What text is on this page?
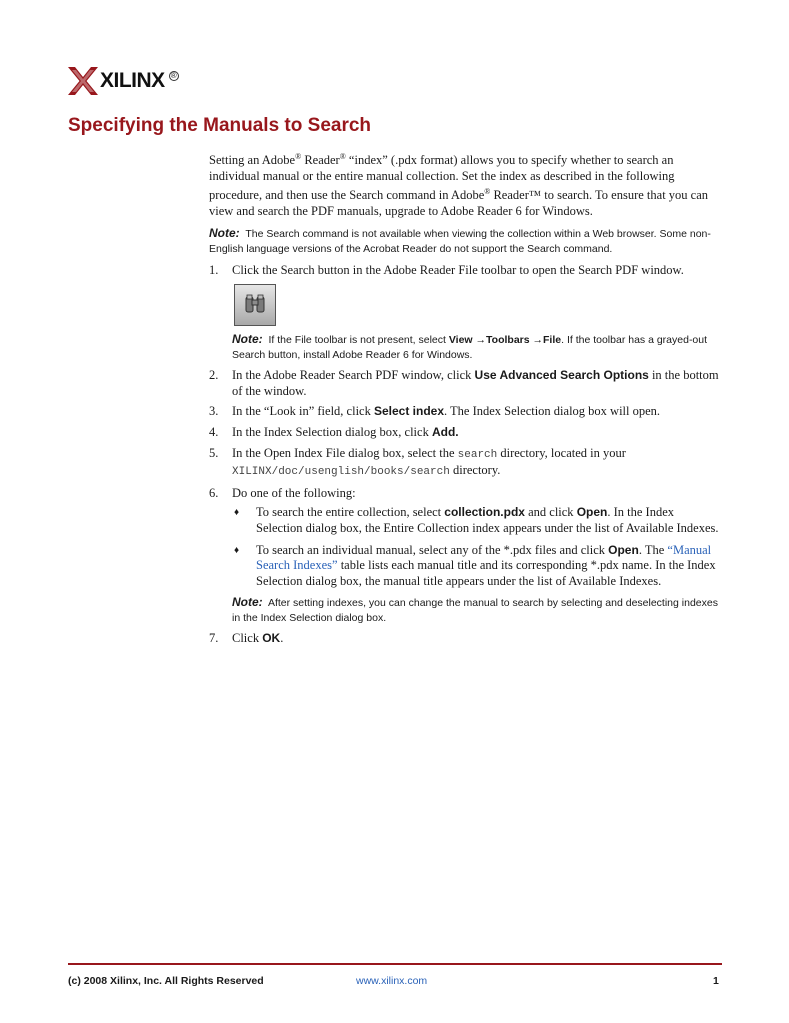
XILINX ®
Specifying the Manuals to Search

Setting an Adobe® Reader® “index” (.pdx format) allows you to specify whether to search an individual manual or the entire manual collection. Set the index as described in the following procedure, and then use the Search command in Adobe® Reader™ to search. To ensure that you can view and search the PDF manuals, upgrade to Adobe Reader 6 for Windows.

Note: The Search command is not available when viewing the collection within a Web browser. Some non-English language versions of the Acrobat Reader do not support the Search command.
1. Click the Search button in the Adobe Reader File toolbar to open the Search PDF window.
Note: If the File toolbar is not present, select View →Toolbars →File. If the toolbar has a grayed-out Search button, install Adobe Reader 6 for Windows.
2. In the Adobe Reader Search PDF window, click Use Advanced Search Options in the bottom of the window.
3. In the “Look in” field, click Select index. The Index Selection dialog box will open.
4. In the Index Selection dialog box, click Add.
5. In the Open Index File dialog box, select the search directory, located in your XILINX/doc/usenglish/books/search directory.
6. Do one of the following:
♦ To search the entire collection, select collection.pdx and click Open. In the Index Selection dialog box, the Entire Collection index appears under the list of Available Indexes.
♦ To search an individual manual, select any of the *.pdx files and click Open. The “Manual Search Indexes” table lists each manual title and its corresponding *.pdx name. In the Index Selection dialog box, the manual title appears under the list of Available Indexes.
Note: After setting indexes, you can change the manual to search by selecting and deselecting indexes in the Index Selection dialog box.
7. Click OK.
(c) 2008 Xilinx, Inc. All Rights Reserved	www.xilinx.com	1
